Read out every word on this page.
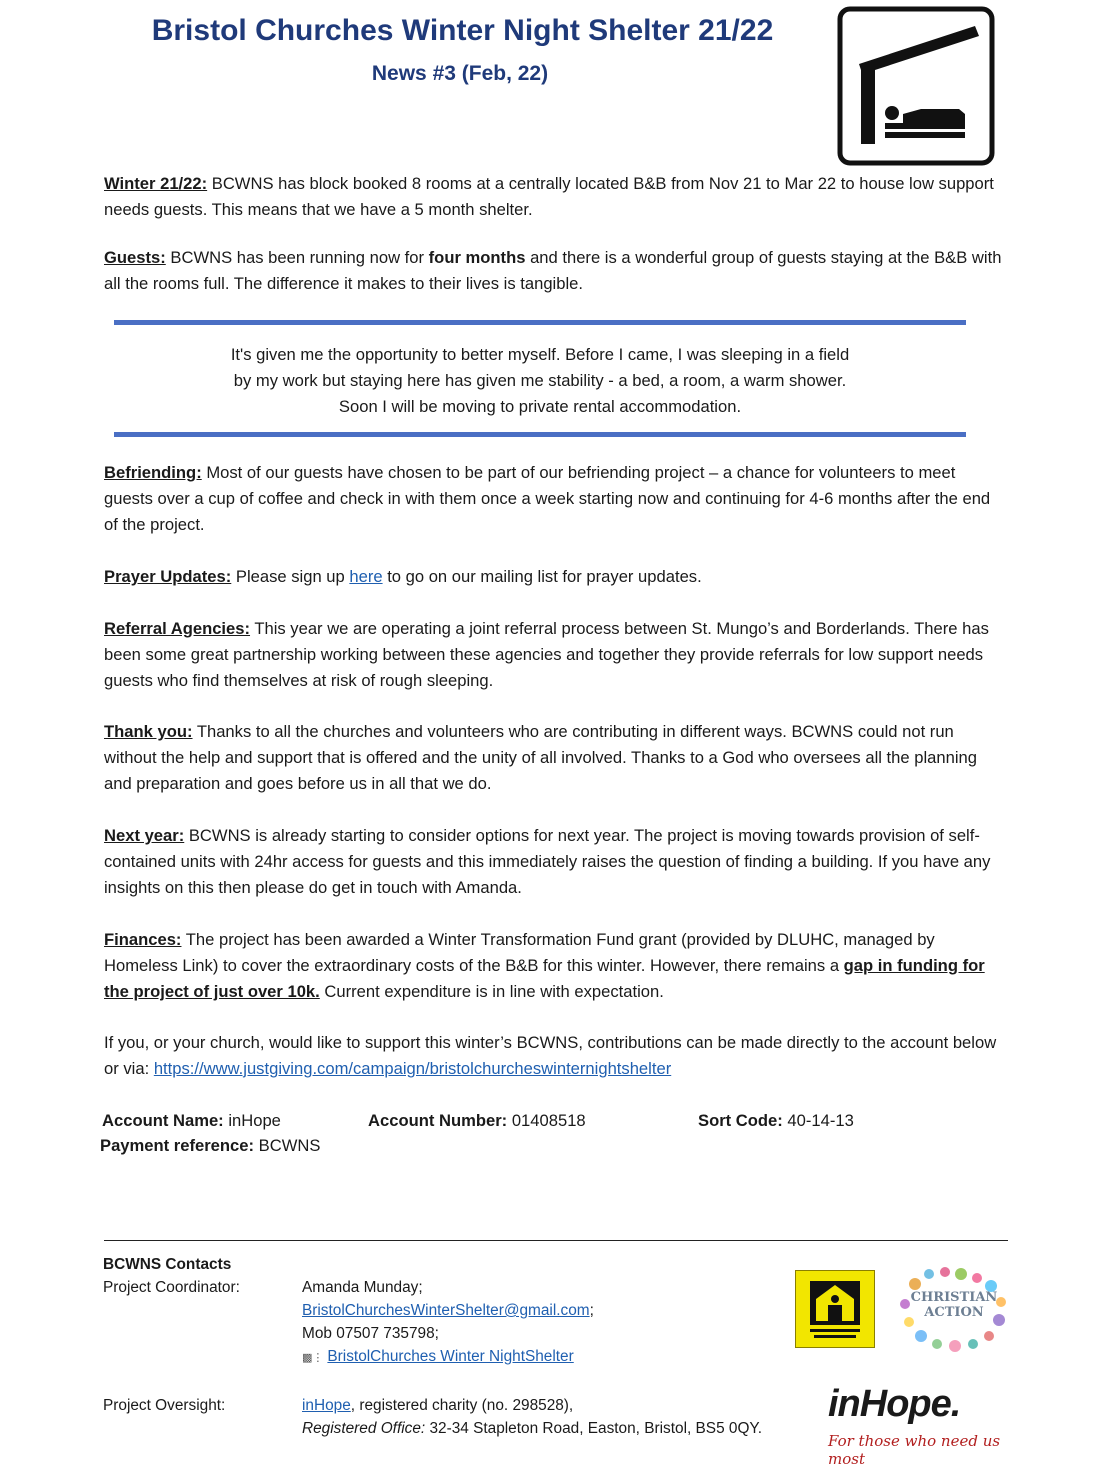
Bristol Churches Winter Night Shelter 21/22
News #3 (Feb, 22)

Winter 21/22: BCWNS has block booked 8 rooms at a centrally located B&B from Nov 21 to Mar 22 to house low support needs guests. This means that we have a 5 month shelter.

Guests: BCWNS has been running now for four months and there is a wonderful group of guests staying at the B&B with all the rooms full. The difference it makes to their lives is tangible.

It's given me the opportunity to better myself. Before I came, I was sleeping in a field
by my work but staying here has given me stability - a bed, a room, a warm shower.
Soon I will be moving to private rental accommodation.

Befriending: Most of our guests have chosen to be part of our befriending project – a chance for volunteers to meet guests over a cup of coffee and check in with them once a week starting now and continuing for 4-6 months after the end of the project.

Prayer Updates: Please sign up here to go on our mailing list for prayer updates.

Referral Agencies: This year we are operating a joint referral process between St. Mungo’s and Borderlands. There has been some great partnership working between these agencies and together they provide referrals for low support needs guests who find themselves at risk of rough sleeping.

Thank you: Thanks to all the churches and volunteers who are contributing in different ways. BCWNS could not run without the help and support that is offered and the unity of all involved. Thanks to a God who oversees all the planning and preparation and goes before us in all that we do.

Next year: BCWNS is already starting to consider options for next year. The project is moving towards provision of self-contained units with 24hr access for guests and this immediately raises the question of finding a building. If you have any insights on this then please do get in touch with Amanda.

Finances: The project has been awarded a Winter Transformation Fund grant (provided by DLUHC, managed by Homeless Link) to cover the extraordinary costs of the B&B for this winter. However, there remains a gap in funding for the project of just over 10k. Current expenditure is in line with expectation.

If you, or your church, would like to support this winter’s BCWNS, contributions can be made directly to the account below or via: https://www.justgiving.com/campaign/bristolchurcheswinternightshelter

Account Name: inHope	Account Number: 01408518	Sort Code: 40-14-13

Payment reference: BCWNS

BCWNS Contacts

Project Coordinator:	Amanda Munday;
BristolChurchesWinterShelter@gmail.com;
Mob 07507 735798;
▩⋮ BristolChurches Winter NightShelter

Project Oversight:	inHope, registered charity (no. 298528),
Registered Office: 32-34 Stapleton Road, Easton, Bristol, BS5 0QY.
CHRISTIAN
ACTION
inHope.
For those who need us most
